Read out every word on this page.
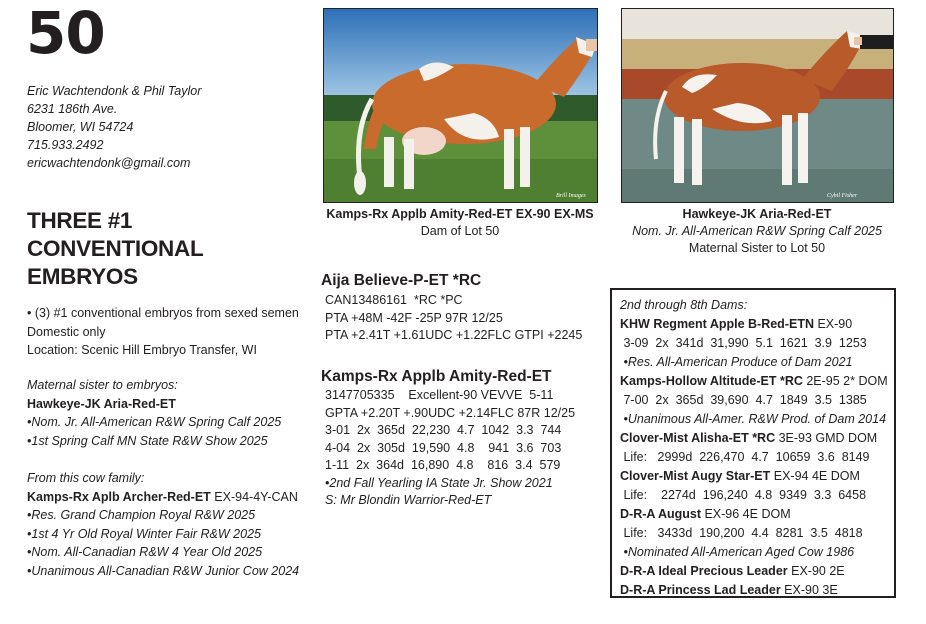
50
Eric Wachtendonk & Phil Taylor
6231 186th Ave.
Bloomer, WI 54724
715.933.2492
ericwachtendonk@gmail.com
THREE #1
CONVENTIONAL
EMBRYOS
• (3) #1 conventional embryos from sexed semen
Domestic only
Location: Scenic Hill Embryo Transfer, WI
Maternal sister to embryos:
Hawkeye-JK Aria-Red-ET
•Nom. Jr. All-American R&W Spring Calf 2025
•1st Spring Calf MN State R&W Show 2025
From this cow family:
Kamps-Rx Aplb Archer-Red-ET EX-94-4Y-CAN
•Res. Grand Champion Royal R&W 2025
•1st 4 Yr Old Royal Winter Fair R&W 2025
•Nom. All-Canadian R&W 4 Year Old 2025
•Unanimous All-Canadian R&W Junior Cow 2024
Brill Images
Kamps-Rx Applb Amity-Red-ET EX-90 EX-MS
Dam of Lot 50
Cybil Fisher
Hawkeye-JK Aria-Red-ET
Nom. Jr. All-American R&W Spring Calf 2025
Maternal Sister to Lot 50
Aija Believe-P-ET *RC
CAN13486161  *RC *PC
PTA +48M -42F -25P 97R 12/25
PTA +2.41T +1.61UDC +1.22FLC GTPI +2245
Kamps-Rx Applb Amity-Red-ET
3147705335    Excellent-90 VEVVE  5-11
GPTA +2.20T +.90UDC +2.14FLC 87R 12/25
3-01  2x  365d  22,230  4.7  1042  3.3  744
4-04  2x  305d  19,590  4.8    941  3.6  703
1-11  2x  364d  16,890  4.8    816  3.4  579
•2nd Fall Yearling IA State Jr. Show 2021
S: Mr Blondin Warrior-Red-ET
2nd through 8th Dams:
KHW Regment Apple B-Red-ETN EX-90
3-09  2x  341d  31,990  5.1  1621  3.9  1253
•Res. All-American Produce of Dam 2021
Kamps-Hollow Altitude-ET *RC 2E-95 2* DOM
7-00  2x  365d  39,690  4.7  1849  3.5  1385
•Unanimous All-Amer. R&W Prod. of Dam 2014
Clover-Mist Alisha-ET *RC 3E-93 GMD DOM
Life:   2999d  226,470  4.7  10659  3.6  8149
Clover-Mist Augy Star-ET EX-94 4E DOM
Life:    2274d  196,240  4.8  9349  3.3  6458
D-R-A August EX-96 4E DOM
Life:   3433d  190,200  4.4  8281  3.5  4818
•Nominated All-American Aged Cow 1986
D-R-A Ideal Precious Leader EX-90 2E
D-R-A Princess Lad Leader EX-90 3E
